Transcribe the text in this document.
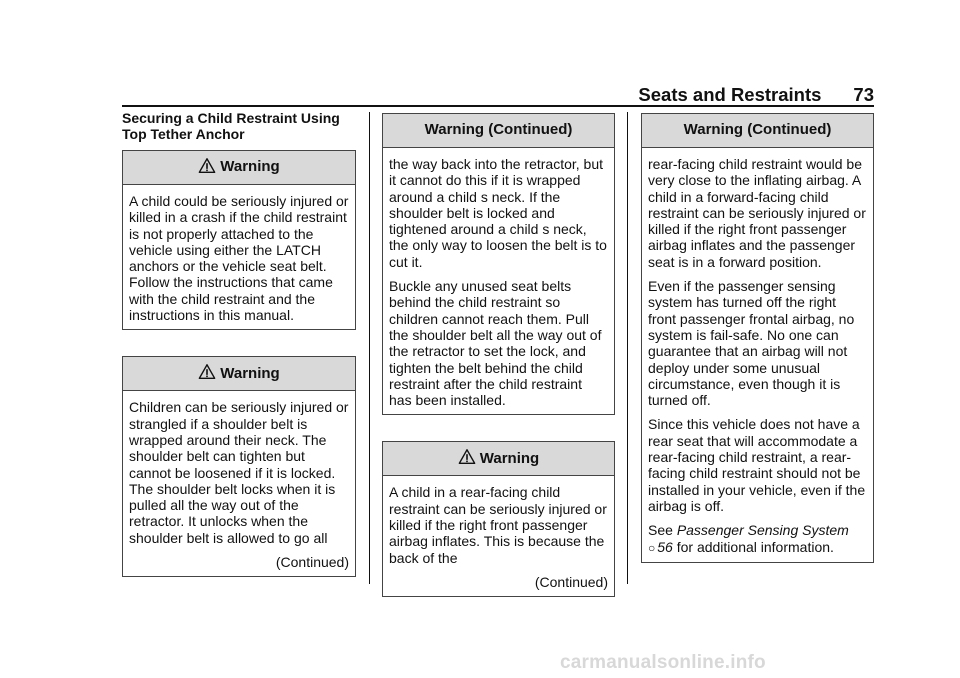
Seats and Restraints 73

Securing a Child Restraint Using Top Tether Anchor

Warning

A child could be seriously injured or killed in a crash if the child restraint is not properly attached to the vehicle using either the LATCH anchors or the vehicle seat belt. Follow the instructions that came with the child restraint and the instructions in this manual.

Warning

Children can be seriously injured or strangled if a shoulder belt is wrapped around their neck. The shoulder belt can tighten but cannot be loosened if it is locked. The shoulder belt locks when it is pulled all the way out of the retractor. It unlocks when the shoulder belt is allowed to go all

(Continued)
Warning (Continued)

the way back into the retractor, but it cannot do this if it is wrapped around a child s neck. If the shoulder belt is locked and tightened around a child s neck, the only way to loosen the belt is to cut it.

Buckle any unused seat belts behind the child restraint so children cannot reach them. Pull the shoulder belt all the way out of the retractor to set the lock, and tighten the belt behind the child restraint after the child restraint has been installed.

Warning

A child in a rear-facing child restraint can be seriously injured or killed if the right front passenger airbag inflates. This is because the back of the

(Continued)
Warning (Continued)

rear-facing child restraint would be very close to the inflating airbag. A child in a forward-facing child restraint can be seriously injured or killed if the right front passenger airbag inflates and the passenger seat is in a forward position.

Even if the passenger sensing system has turned off the right front passenger frontal airbag, no system is fail-safe. No one can guarantee that an airbag will not deploy under some unusual circumstance, even though it is turned off.

Since this vehicle does not have a rear seat that will accommodate a rear-facing child restraint, a rear-facing child restraint should not be installed in your vehicle, even if the airbag is off.

See Passenger Sensing System
○ 56 for additional information.

carmanualsonline.info
